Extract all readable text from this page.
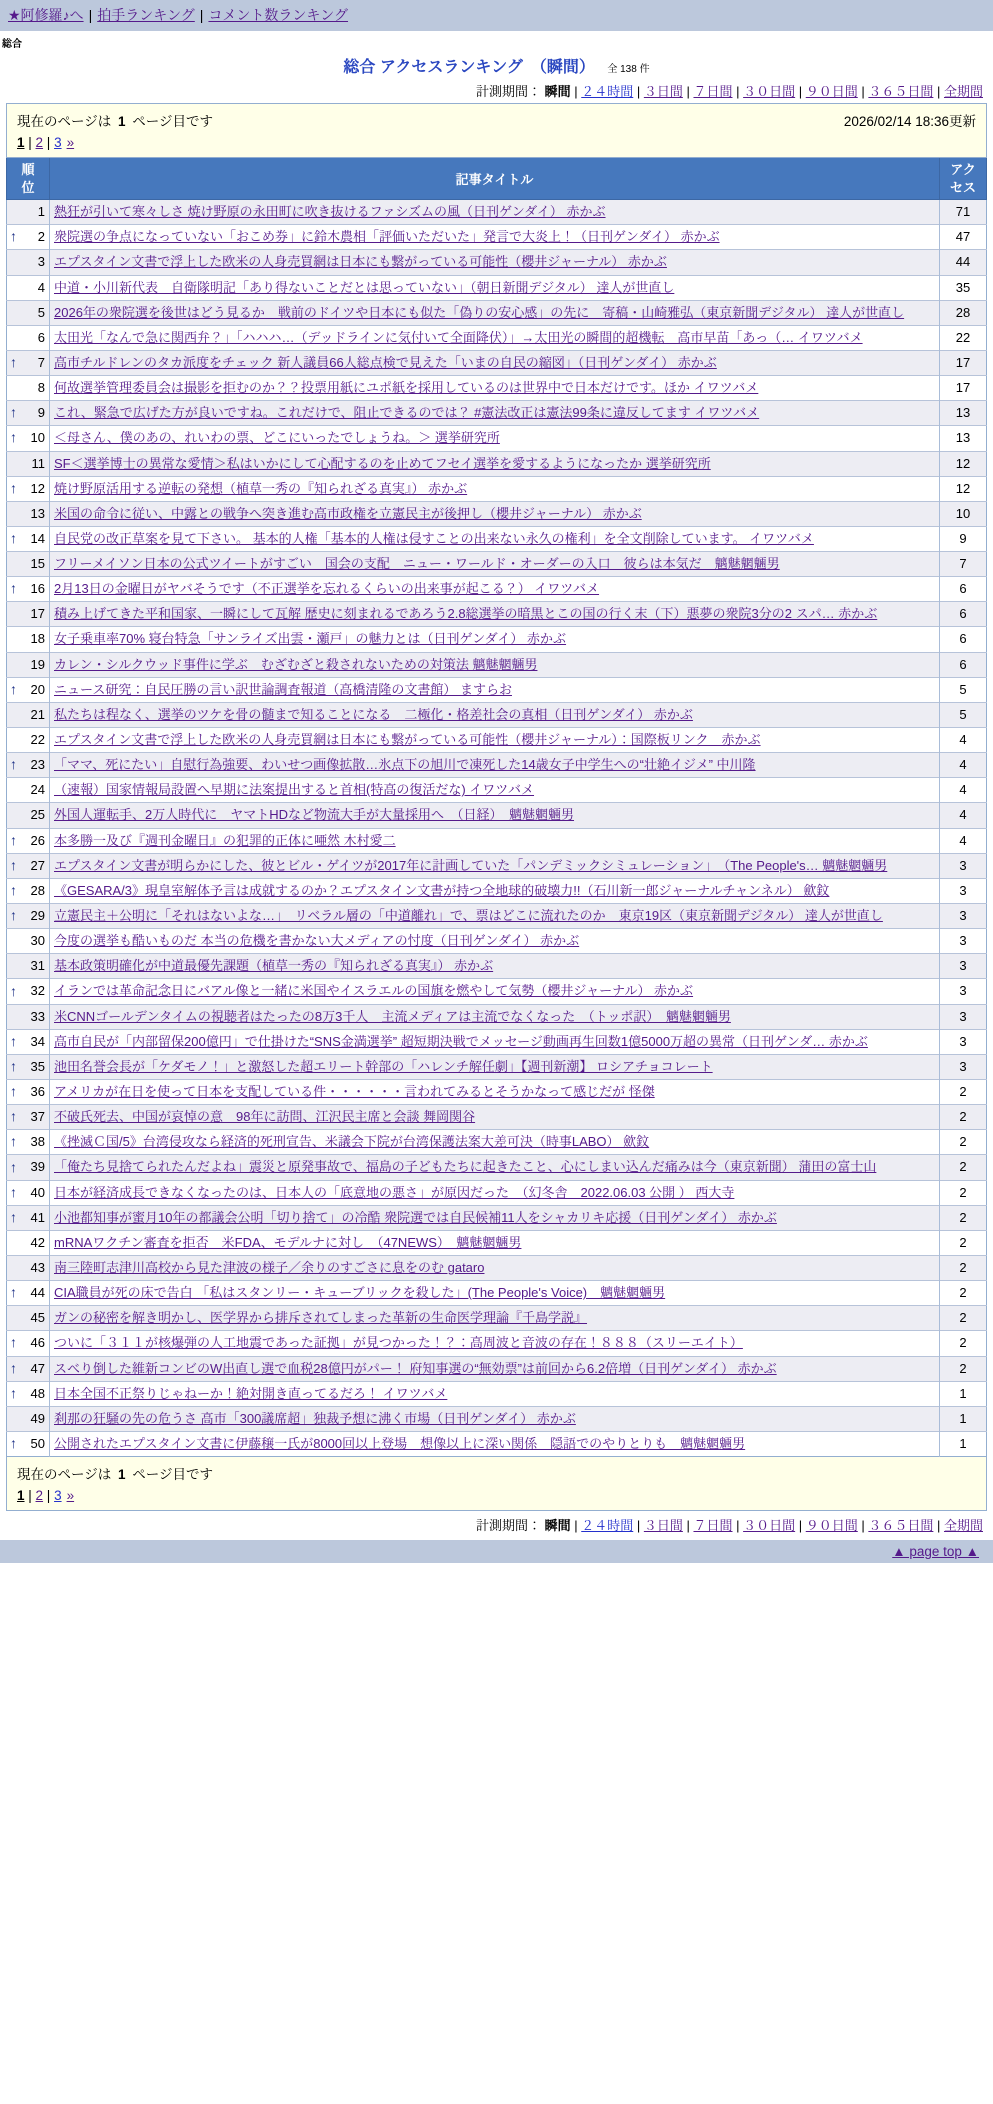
★阿修羅♪へ | 拍手ランキング | コメント数ランキング
総合
総合 アクセスランキング　（瞬間） 全 138 件
計測期間： 瞬間 | ２４時間 | ３日間 | ７日間 | ３０日間 | ９０日間 | ３６５日間 | 全期間
現在のページは 1 ページ目です 2026/02/14 18:36更新
1 | 2 | 3 »		

順位	記事タイトル	アクセス
1	熱狂が引いて寒々しさ 焼け野原の永田町に吹き抜けるファシズムの風（日刊ゲンダイ） 赤かぶ	71

↑ 2	衆院選の争点になっていない「おこめ券」に鈴木農相「評価いただいた」発言で大炎上！（日刊ゲンダイ） 赤かぶ	47
3	エプスタイン文書で浮上した欧米の人身売買網は日本にも繋がっている可能性（櫻井ジャーナル） 赤かぶ	44
4	中道・小川新代表　自衛隊明記「あり得ないことだとは思っていない」（朝日新聞デジタル） 達人が世直し	35
5	2026年の衆院選を後世はどう見るか　戦前のドイツや日本にも似た「偽りの安心感」の先に　寄稿・山崎雅弘（東京新聞デジタル） 達人が世直し	28
6	太田光「なんで急に関西弁？」「ハハハ…（デッドラインに気付いて全面降伏）」→太田光の瞬間的超機転　高市早苗「あっ（… イワツバメ	22

↑ 7	高市チルドレンのタカ派度をチェック 新人議員66人総点検で見えた「いまの自民の縮図」（日刊ゲンダイ） 赤かぶ	17
8	何故選挙管理委員会は撮影を拒むのか？？投票用紙にユポ紙を採用しているのは世界中で日本だけです。ほか イワツバメ	17

↑ 9	これ、緊急で広げた方が良いですね。これだけで、阻止できるのでは？ #憲法改正は憲法99条に違反してます イワツバメ	13

↑ 10	＜母さん、僕のあの、れいわの票、どこにいったでしょうね。＞ 選挙研究所	13
11	SF＜選挙博士の異常な愛情＞私はいかにして心配するのを止めてフセイ選挙を愛するようになったか 選挙研究所	12

↑ 12	焼け野原活用する逆転の発想（植草一秀の『知られざる真実』） 赤かぶ	12
13	米国の命令に従い、中露との戦争へ突き進む高市政権を立憲民主が後押し（櫻井ジャーナル） 赤かぶ	10

↑ 14	自民党の改正草案を見て下さい。 基本的人権「基本的人権は侵すことの出来ない永久の権利」を全文削除しています。 イワツバメ	9
15	フリーメイソン日本の公式ツイートがすごい　国会の支配　ニュー・ワールド・オーダーの入口　彼らは本気だ　魑魅魍魎男	7

↑ 16	2月13日の金曜日がヤバそうです（不正選挙を忘れるくらいの出来事が起こる？） イワツバメ	6
17	積み上げてきた平和国家、一瞬にして瓦解 歴史に刻まれるであろう2.8総選挙の暗黒とこの国の行く末（下）悪夢の衆院3分の2 スパ… 赤かぶ	6
18	女子乗車率70% 寝台特急「サンライズ出雲・瀬戸」の魅力とは（日刊ゲンダイ） 赤かぶ	6
19	カレン・シルクウッド事件に学ぶ　むざむざと殺されないための対策法 魑魅魍魎男	6

↑ 20	ニュース研究：自民圧勝の言い訳世論調査報道（高橋清隆の文書館） ますらお	5
21	私たちは程なく、選挙のツケを骨の髄まで知ることになる　二極化・格差社会の真相（日刊ゲンダイ） 赤かぶ	5
22	エプスタイン文書で浮上した欧米の人身売買網は日本にも繋がっている可能性（櫻井ジャーナル）：国際板リンク　赤かぶ	4

↑ 23	「ママ、死にたい」自慰行為強要、わいせつ画像拡散…氷点下の旭川で凍死した14歳女子中学生への“壮絶イジメ” 中川隆	4
24	（速報）国家情報局設置へ早期に法案提出すると首相(特高の復活だな) イワツバメ	4
25	外国人運転手、2万人時代に　ヤマトHDなど物流大手が大量採用へ　（日経）　魑魅魍魎男	4

↑ 26	本多勝一及び『週刊金曜日』の犯罪的正体に唖然 木村愛二	4

↑ 27	エプスタイン文書が明らかにした、彼とビル・ゲイツが2017年に計画していた「パンデミックシミュレーション」　（The People's… 魑魅魍魎男	3

↑ 28	《GESARA/3》現皇室解体予言は成就するのか？エプスタイン文書が持つ全地球的破壊力!!（石川新一郎ジャーナルチャンネル） 歛鈫	3

↑ 29	立憲民主＋公明に「それはないよな…」　リベラル層の「中道離れ」で、票はどこに流れたのか　東京19区（東京新聞デジタル） 達人が世直し	3
30	今度の選挙も酷いものだ 本当の危機を書かない大メディアの忖度（日刊ゲンダイ） 赤かぶ	3
31	基本政策明確化が中道最優先課題（植草一秀の『知られざる真実』） 赤かぶ	3

↑ 32	イランでは革命記念日にバアル像と一緒に米国やイスラエルの国旗を燃やして気勢（櫻井ジャーナル） 赤かぶ	3
33	米CNNゴールデンタイムの視聴者はたったの8万3千人　主流メディアは主流でなくなった　（トッポ訳）　魑魅魍魎男	3

↑ 34	高市自民が「内部留保200億円」で仕掛けた“SNS金満選挙” 超短期決戦でメッセージ動画再生回数1億5000万超の異常（日刊ゲンダ… 赤かぶ	3

↑ 35	池田名誉会長が「ケダモノ！」と激怒した超エリート幹部の「ハレンチ解任劇」【週刊新潮】 ロシアチョコレート	3

↑ 36	アメリカが在日を使って日本を支配している件・・・・・・言われてみるとそうかなって感じだが 怪傑	2

↑ 37	不破氏死去、中国が哀悼の意　98年に訪問、江沢民主席と会談 舞岡関谷	2

↑ 38	《挫滅Ｃ国/5》台湾侵攻なら経済的死刑宣告、米議会下院が台湾保護法案大差可決（時事LABO） 歛鈫	2

↑ 39	「俺たち見捨てられたんだよね」震災と原発事故で、福島の子どもたちに起きたこと、心にしまい込んだ痛みは今（東京新聞） 蒲田の富士山	2

↑ 40	日本が経済成長できなくなったのは、日本人の「底意地の悪さ」が原因だった　（幻冬舎　2022.06.03 公開 ） 西大寺	2

↑ 41	小池都知事が蜜月10年の都議会公明「切り捨て」の冷酷 衆院選では自民候補11人をシャカリキ応援（日刊ゲンダイ） 赤かぶ	2
42	mRNAワクチン審査を拒否　米FDA、モデルナに対し　（47NEWS）　魑魅魍魎男	2
43	南三陸町志津川高校から見た津波の様子／余りのすごさに息をのむ gataro	2

↑ 44	CIA職員が死の床で告白 「私はスタンリー・キューブリックを殺した」(The People's Voice)　魑魅魍魎男	2
45	ガンの秘密を解き明かし、医学界から排斥されてしまった革新の生命医学理論『千島学説』	2

↑ 46	ついに「３１１が核爆弾の人工地震であった証拠」が見つかった！？：高周波と音波の存在！８８８（スリーエイト）	2

↑ 47	スベり倒した維新コンビのW出直し選で血税28億円がパー！ 府知事選の“無効票”は前回から6.2倍増（日刊ゲンダイ） 赤かぶ	2

↑ 48	日本全国不正祭りじゃねーか！絶対開き直ってるだろ！ イワツバメ	1
49	刹那の狂騒の先の危うさ 高市「300議席超」独裁予想に沸く市場（日刊ゲンダイ） 赤かぶ	1

↑ 50	公開されたエプスタイン文書に伊藤穣一氏が8000回以上登場　想像以上に深い関係　隠語でのやりとりも　魑魅魍魎男	1

現在のページは 1 ページ目です
1 | 2 | 3 »		
計測期間： 瞬間 | ２４時間 | ３日間 | ７日間 | ３０日間 | ９０日間 | ３６５日間 | 全期間
▲ page top ▲
